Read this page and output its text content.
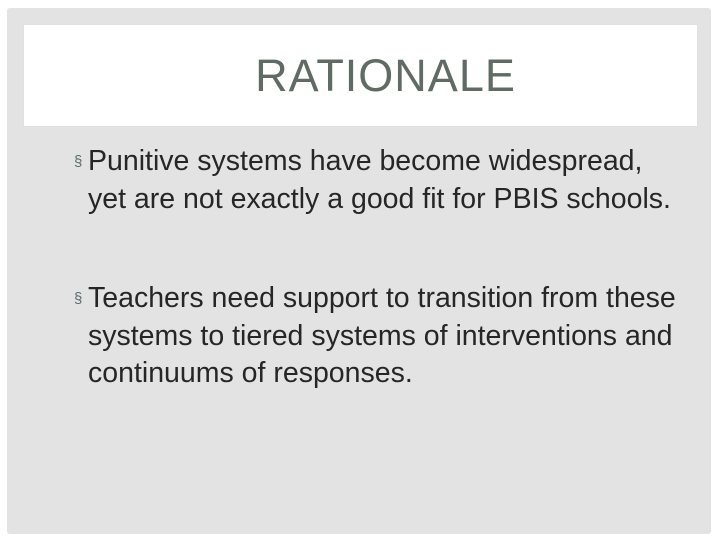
RATIONALE
§ Punitive systems have become widespread, yet are not exactly a good fit for PBIS schools.
§ Teachers need support to transition from these systems to tiered systems of interventions and continuums of responses.
